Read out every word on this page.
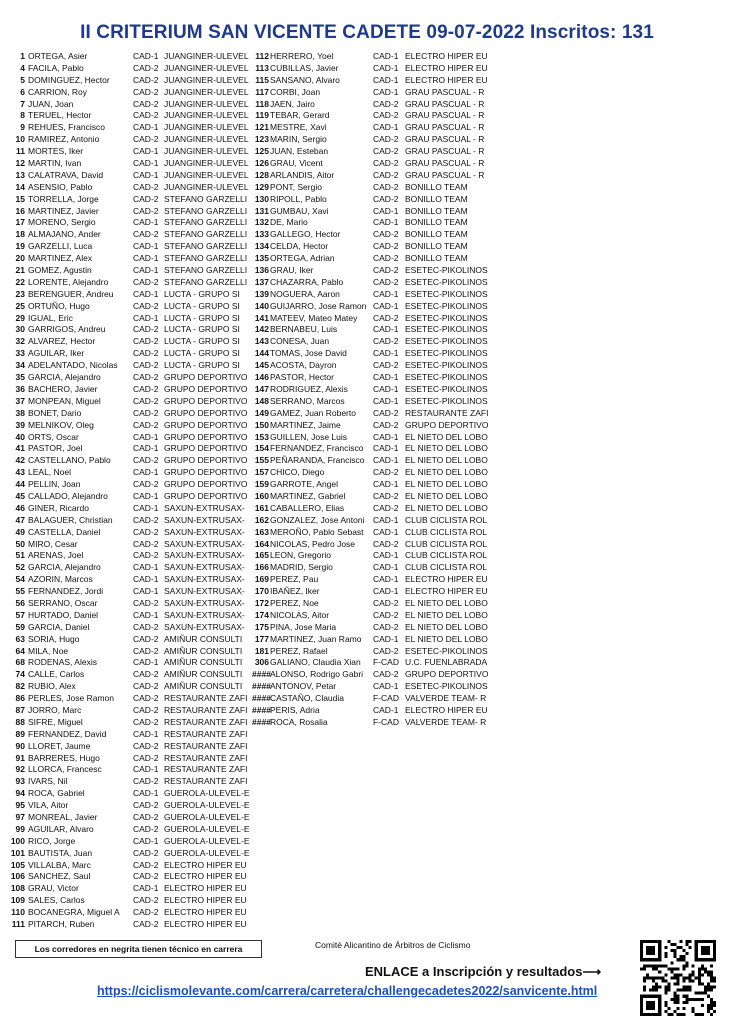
II CRITERIUM SAN VICENTE CADETE 09-07-2022 Inscritos: 131
1 ORTEGA, Asier	CAD-1 JUANGINER-ULEVEL
4 FACILA, Pablo	CAD-2 JUANGINER-ULEVEL
5 DOMINGUEZ, Hector	CAD-2 JUANGINER-ULEVEL
6 CARRION, Roy	CAD-2 JUANGINER-ULEVEL
7 JUAN, Joan	CAD-2 JUANGINER-ULEVEL
8 TERUEL, Hector	CAD-2 JUANGINER-ULEVEL
9 REHUES, Francisco	CAD-1 JUANGINER-ULEVEL
10 RAMIREZ, Antonio	CAD-2 JUANGINER-ULEVEL
11 MORTES, Iker	CAD-1 JUANGINER-ULEVEL
12 MARTIN, Ivan	CAD-1 JUANGINER-ULEVEL
13 CALATRAVA, David	CAD-1 JUANGINER-ULEVEL
14 ASENSIO, Pablo	CAD-2 JUANGINER-ULEVEL
15 TORRELLA, Jorge	CAD-2 STEFANO GARZELLI
16 MARTINEZ, Javier	CAD-2 STEFANO GARZELLI
17 MORENO, Sergio	CAD-1 STEFANO GARZELLI
18 ALMAJANO, Ander	CAD-2 STEFANO GARZELLI
19 GARZELLI, Luca	CAD-1 STEFANO GARZELLI
20 MARTINEZ, Alex	CAD-1 STEFANO GARZELLI
21 GOMEZ, Agustin	CAD-1 STEFANO GARZELLI
22 LORENTE, Alejandro	CAD-2 STEFANO GARZELLI
23 BERENGUER, Andreu	CAD-1 LUCTA - GRUPO SI
25 ORTUÑO, Hugo	CAD-2 LUCTA - GRUPO SI
29 IGUAL, Eric	CAD-1 LUCTA - GRUPO SI
30 GARRIGOS, Andreu	CAD-2 LUCTA - GRUPO SI
32 ALVAREZ, Hector	CAD-2 LUCTA - GRUPO SI
33 AGUILAR, Iker	CAD-2 LUCTA - GRUPO SI
34 ADELANTADO, Nicolas	CAD-2 LUCTA - GRUPO SI
35 GARCIA, Alejandro	CAD-2 GRUPO DEPORTIVO
36 BACHERO, Javier	CAD-2 GRUPO DEPORTIVO
37 MONPEAN, Miguel	CAD-2 GRUPO DEPORTIVO
38 BONET, Dario	CAD-2 GRUPO DEPORTIVO
39 MELNIKOV, Oleg	CAD-2 GRUPO DEPORTIVO
40 ORTS, Oscar	CAD-1 GRUPO DEPORTIVO
41 PASTOR, Joel	CAD-1 GRUPO DEPORTIVO
42 CASTELLANO, Pablo	CAD-2 GRUPO DEPORTIVO
43 LEAL, Noel	CAD-1 GRUPO DEPORTIVO
44 PELLIN, Joan	CAD-2 GRUPO DEPORTIVO
45 CALLADO, Alejandro	CAD-1 GRUPO DEPORTIVO
46 GINER, Ricardo	CAD-1 SAXUN-EXTRUSAX-
47 BALAGUER, Christian	CAD-2 SAXUN-EXTRUSAX-
49 CASTELLA, Daniel	CAD-2 SAXUN-EXTRUSAX-
50 MIRO, Cesar	CAD-2 SAXUN-EXTRUSAX-
51 ARENAS, Joel	CAD-2 SAXUN-EXTRUSAX-
52 GARCIA, Alejandro	CAD-1 SAXUN-EXTRUSAX-
54 AZORIN, Marcos	CAD-1 SAXUN-EXTRUSAX-
55 FERNANDEZ, Jordi	CAD-1 SAXUN-EXTRUSAX-
56 SERRANO, Oscar	CAD-2 SAXUN-EXTRUSAX-
57 HURTADO, Daniel	CAD-1 SAXUN-EXTRUSAX-
59 GARCIA, Daniel	CAD-2 SAXUN-EXTRUSAX-
63 SORIA, Hugo	CAD-2 AMIÑUR CONSULTI
64 MILA, Noe	CAD-2 AMIÑUR CONSULTI
68 RODENAS, Alexis	CAD-1 AMIÑUR CONSULTI
74 CALLE, Carlos	CAD-2 AMIÑUR CONSULTI
82 RUBIO, Alex	CAD-2 AMIÑUR CONSULTI
86 PERLES, Jose Ramon	CAD-2 RESTAURANTE ZAFI
87 JORRO, Marc	CAD-2 RESTAURANTE ZAFI
88 SIFRE, Miguel	CAD-2 RESTAURANTE ZAFI
89 FERNANDEZ, David	CAD-1 RESTAURANTE ZAFI
90 LLORET, Jaume	CAD-2 RESTAURANTE ZAFI
91 BARRERES, Hugo	CAD-2 RESTAURANTE ZAFI
92 LLORCA, Francesc	CAD-1 RESTAURANTE ZAFI
93 IVARS, Nil	CAD-2 RESTAURANTE ZAFI
94 ROCA, Gabriel	CAD-1 GUEROLA-ULEVEL-E
95 VILA, Aitor	CAD-2 GUEROLA-ULEVEL-E
97 MONREAL, Javier	CAD-2 GUEROLA-ULEVEL-E
99 AGUILAR, Alvaro	CAD-2 GUEROLA-ULEVEL-E
100 RICO, Jorge	CAD-1 GUEROLA-ULEVEL-E
101 BAUTISTA, Juan	CAD-2 GUEROLA-ULEVEL-E
105 VILLALBA, Marc	CAD-2 ELECTRO HIPER EU
106 SANCHEZ, Saul	CAD-2 ELECTRO HIPER EU
108 GRAU, Victor	CAD-1 ELECTRO HIPER EU
109 SALES, Carlos	CAD-2 ELECTRO HIPER EU
110 BOCANEGRA, Miguel A	CAD-2 ELECTRO HIPER EU
111 PITARCH, Ruben	CAD-2 ELECTRO HIPER EU
112 HERRERO, Yoel	CAD-1 ELECTRO HIPER EU
113 CUBILLAS, Javier	CAD-1 ELECTRO HIPER EU
115 SANSANO, Alvaro	CAD-1 ELECTRO HIPER EU
117 CORBI, Joan	CAD-1 GRAU PASCUAL - R
118 JAEN, Jairo	CAD-2 GRAU PASCUAL - R
119 TEBAR, Gerard	CAD-2 GRAU PASCUAL - R
121 MESTRE, Xavi	CAD-1 GRAU PASCUAL - R
123 MARIN, Sergio	CAD-2 GRAU PASCUAL - R
125 JUAN, Esteban	CAD-2 GRAU PASCUAL - R
126 GRAU, Vicent	CAD-2 GRAU PASCUAL - R
128 ARLANDIS, Aitor	CAD-2 GRAU PASCUAL - R
129 PONT, Sergio	CAD-2 BONILLO TEAM
130 RIPOLL, Pablo	CAD-2 BONILLO TEAM
131 GUMBAU, Xavi	CAD-1 BONILLO TEAM
132 DE, Mario	CAD-1 BONILLO TEAM
133 GALLEGO, Hector	CAD-2 BONILLO TEAM
134 CELDA, Hector	CAD-2 BONILLO TEAM
135 ORTEGA, Adrian	CAD-2 BONILLO TEAM
136 GRAU, Iker	CAD-2 ESETEC-PIKOLINOS
137 CHAZARRA, Pablo	CAD-2 ESETEC-PIKOLINOS
139 NOGUERA, Aaron	CAD-1 ESETEC-PIKOLINOS
140 GUIJARRO, Jose Ramon CAD-1 ESETEC-PIKOLINOS
141 MATEEV, Mateo Matey	CAD-2 ESETEC-PIKOLINOS
142 BERNABEU, Luis	CAD-1 ESETEC-PIKOLINOS
143 CONESA, Juan	CAD-2 ESETEC-PIKOLINOS
144 TOMAS, Jose David	CAD-1 ESETEC-PIKOLINOS
145 ACOSTA, Dayron	CAD-2 ESETEC-PIKOLINOS
146 PASTOR, Hector	CAD-1 ESETEC-PIKOLINOS
147 RODRIGUEZ, Alexis	CAD-1 ESETEC-PIKOLINOS
148 SERRANO, Marcos	CAD-1 ESETEC-PIKOLINOS
149 GAMEZ, Juan Roberto	CAD-2 RESTAURANTE ZAFI
150 MARTINEZ, Jaime	CAD-2 GRUPO DEPORTIVO
153 GUILLEN, Jose Luis	CAD-1 EL NIETO DEL LOBO
154 FERNANDEZ, Francisco	CAD-1 EL NIETO DEL LOBO
155 PEÑARANDA, Francisco	CAD-1 EL NIETO DEL LOBO
157 CHICO, Diego	CAD-2 EL NIETO DEL LOBO
159 GARROTE, Angel	CAD-1 EL NIETO DEL LOBO
160 MARTINEZ, Gabriel	CAD-2 EL NIETO DEL LOBO
161 CABALLERO, Elias	CAD-2 EL NIETO DEL LOBO
162 GONZALEZ, Jose Antoni	CAD-1 CLUB CICLISTA ROL
163 MEROÑO, Pablo Sebast	CAD-1 CLUB CICLISTA ROL
164 NICOLAS, Pedro Jose	CAD-2 CLUB CICLISTA ROL
165 LEON, Gregorio	CAD-1 CLUB CICLISTA ROL
166 MADRID, Sergio	CAD-1 CLUB CICLISTA ROL
169 PEREZ, Pau	CAD-1 ELECTRO HIPER EU
170 IBAÑEZ, Iker	CAD-1 ELECTRO HIPER EU
172 PEREZ, Noe	CAD-2 EL NIETO DEL LOBO
174 NICOLAS, Aitor	CAD-2 EL NIETO DEL LOBO
175 PINA, Jose Maria	CAD-2 EL NIETO DEL LOBO
177 MARTINEZ, Juan Ramo	CAD-1 EL NIETO DEL LOBO
181 PEREZ, Rafael	CAD-2 ESETEC-PIKOLINOS
306 GALIANO, Claudia Xian	F-CAD U.C. FUENLABRADA
#### ALONSO, Rodrigo Gabri	CAD-2 GRUPO DEPORTIVO
#### ANTONOV, Petar	CAD-1 ESETEC-PIKOLINOS
#### CASTAÑO, Claudia	F-CAD VALVERDE TEAM- R
#### PERIS, Adria	CAD-1 ELECTRO HIPER EU
#### ROCA, Rosalia	F-CAD VALVERDE TEAM- R
Los corredores en negrita tienen técnico en carrera	Comité Alicantino de Árbitros de Ciclismo
ENLACE a Inscripción y resultados⟶
https://ciclismolevante.com/carrera/carretera/challengecadetes2022/sanvicente.html
